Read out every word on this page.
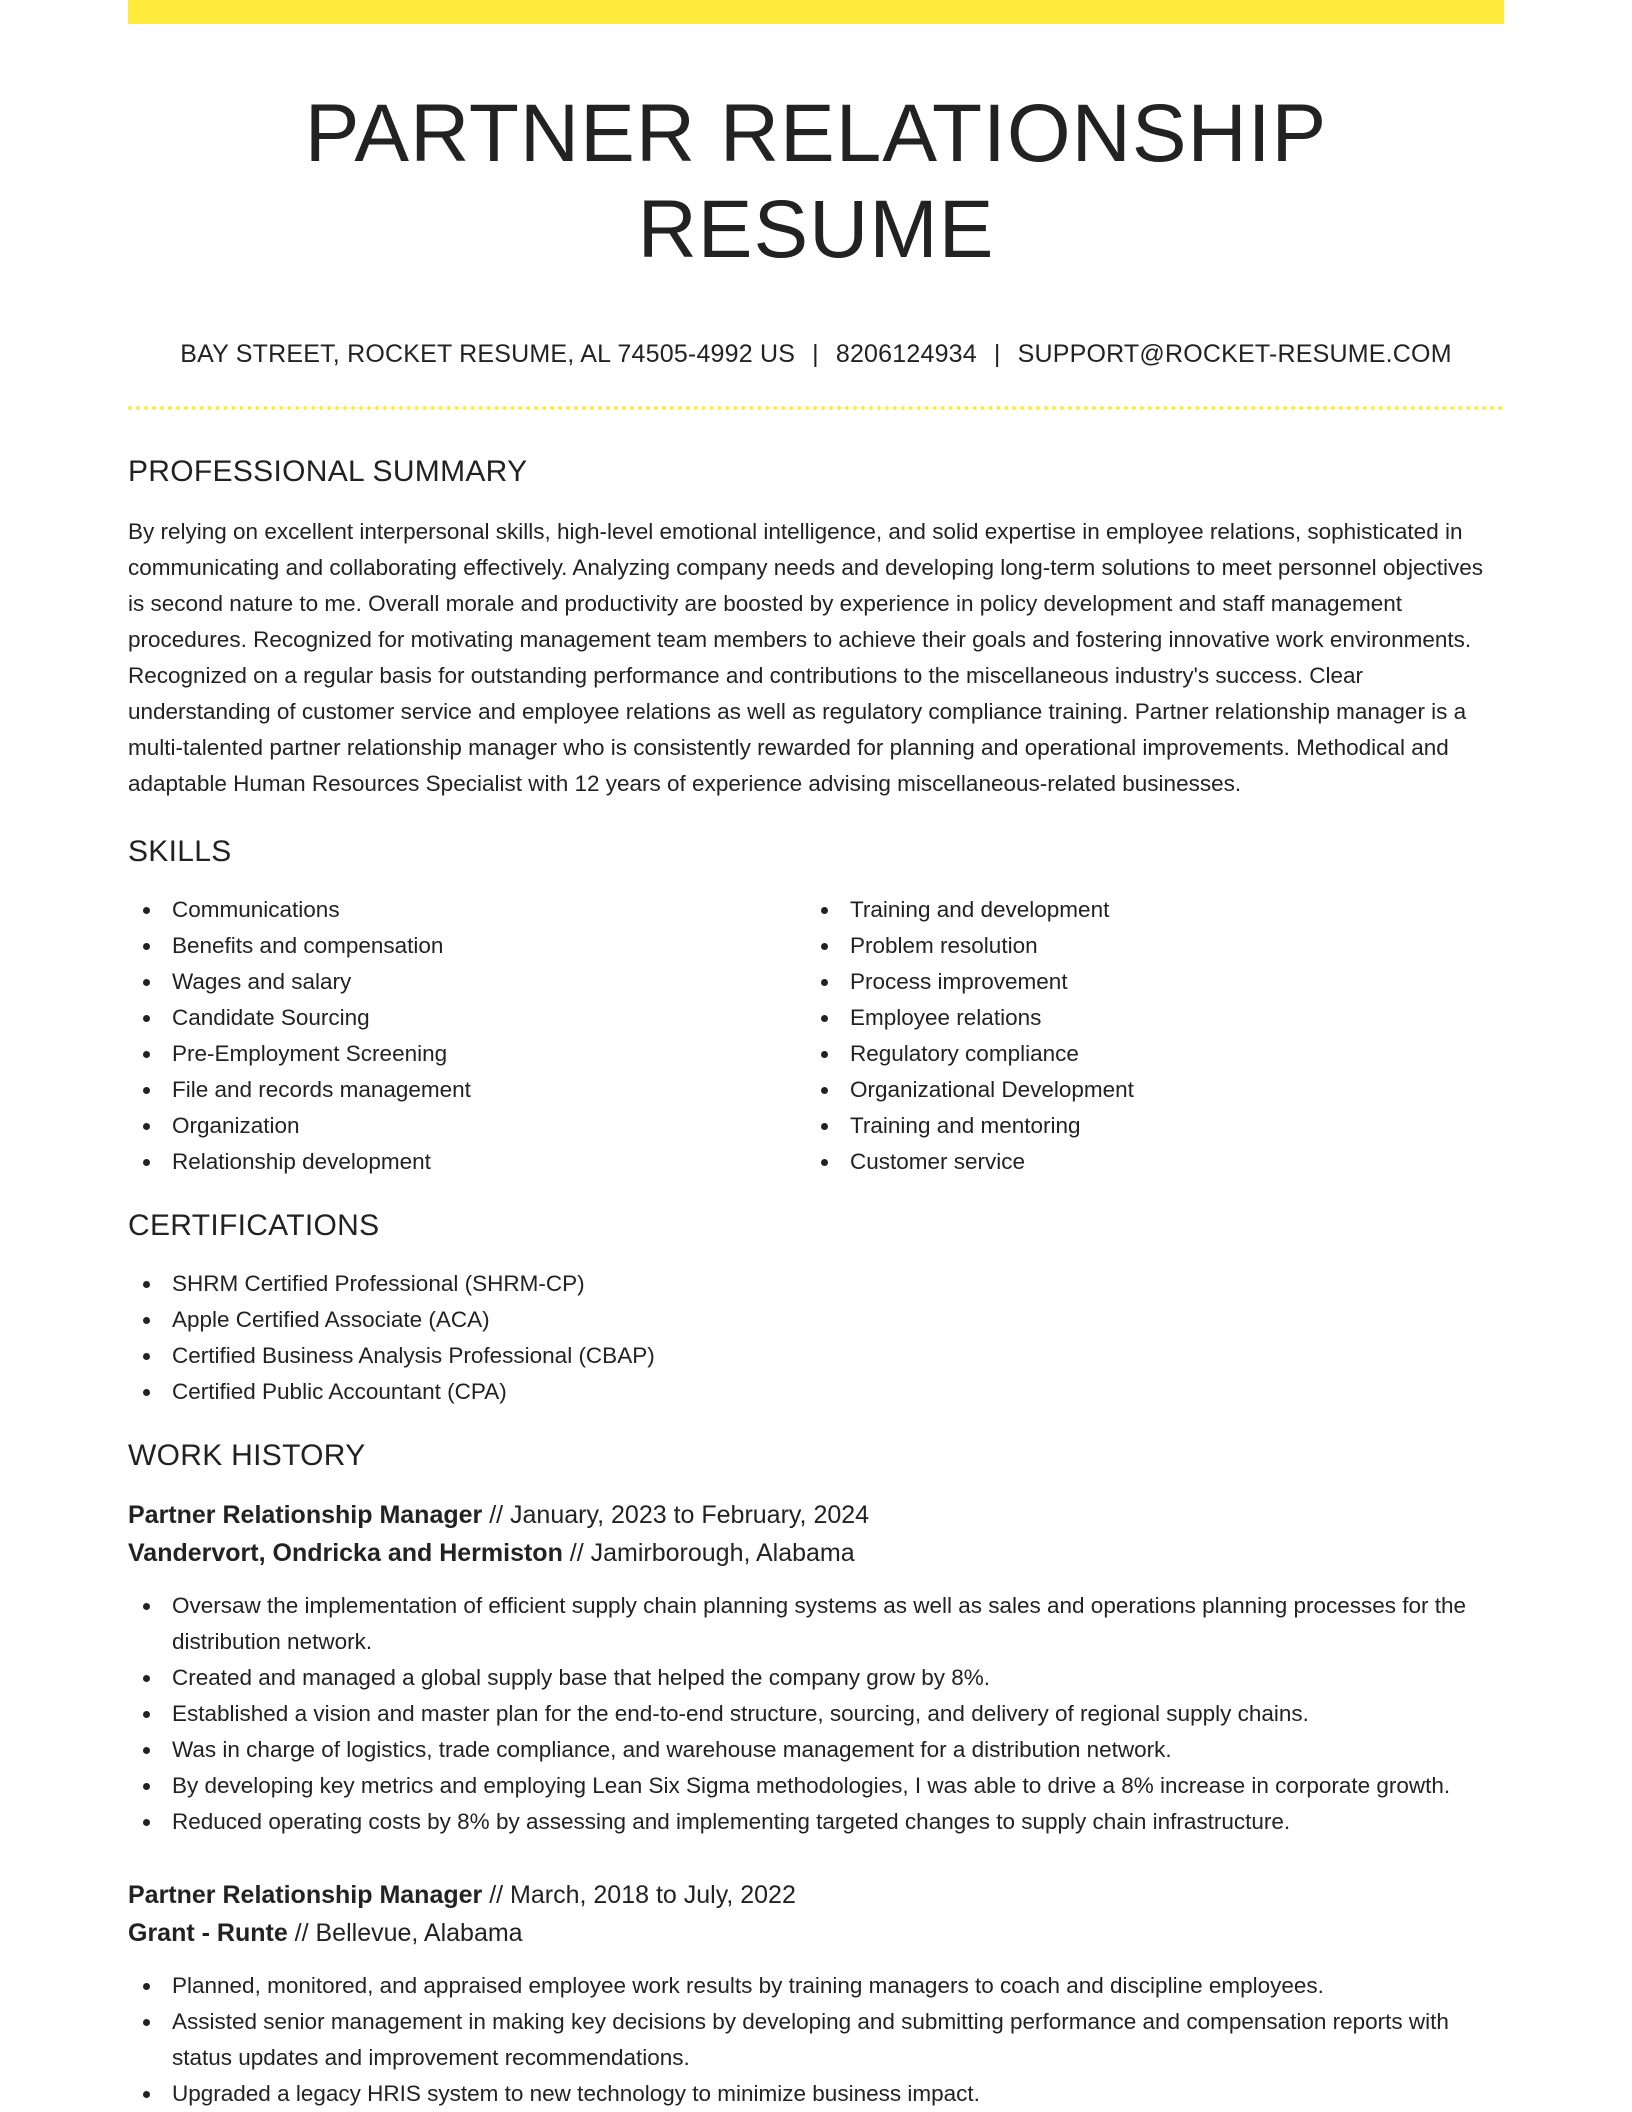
PARTNER RELATIONSHIP RESUME
BAY STREET, ROCKET RESUME, AL 74505-4992 US | 8206124934 | SUPPORT@ROCKET-RESUME.COM
PROFESSIONAL SUMMARY

By relying on excellent interpersonal skills, high-level emotional intelligence, and solid expertise in employee relations, sophisticated in communicating and collaborating effectively. Analyzing company needs and developing long-term solutions to meet personnel objectives is second nature to me. Overall morale and productivity are boosted by experience in policy development and staff management procedures. Recognized for motivating management team members to achieve their goals and fostering innovative work environments. Recognized on a regular basis for outstanding performance and contributions to the miscellaneous industry's success. Clear understanding of customer service and employee relations as well as regulatory compliance training. Partner relationship manager is a multi-talented partner relationship manager who is consistently rewarded for planning and operational improvements. Methodical and adaptable Human Resources Specialist with 12 years of experience advising miscellaneous-related businesses.

SKILLS
Communications
Benefits and compensation
Wages and salary
Candidate Sourcing
Pre-Employment Screening
File and records management
Organization
Relationship development
Training and development
Problem resolution
Process improvement
Employee relations
Regulatory compliance
Organizational Development
Training and mentoring
Customer service
CERTIFICATIONS
SHRM Certified Professional (SHRM-CP)
Apple Certified Associate (ACA)
Certified Business Analysis Professional (CBAP)
Certified Public Accountant (CPA)
WORK HISTORY
Partner Relationship Manager // January, 2023 to February, 2024
Vandervort, Ondricka and Hermiston // Jamirborough, Alabama
Oversaw the implementation of efficient supply chain planning systems as well as sales and operations planning processes for the distribution network.
Created and managed a global supply base that helped the company grow by 8%.
Established a vision and master plan for the end-to-end structure, sourcing, and delivery of regional supply chains.
Was in charge of logistics, trade compliance, and warehouse management for a distribution network.
By developing key metrics and employing Lean Six Sigma methodologies, I was able to drive a 8% increase in corporate growth.
Reduced operating costs by 8% by assessing and implementing targeted changes to supply chain infrastructure.
Partner Relationship Manager // March, 2018 to July, 2022
Grant - Runte // Bellevue, Alabama
Planned, monitored, and appraised employee work results by training managers to coach and discipline employees.
Assisted senior management in making key decisions by developing and submitting performance and compensation reports with status updates and improvement recommendations.
Upgraded a legacy HRIS system to new technology to minimize business impact.
